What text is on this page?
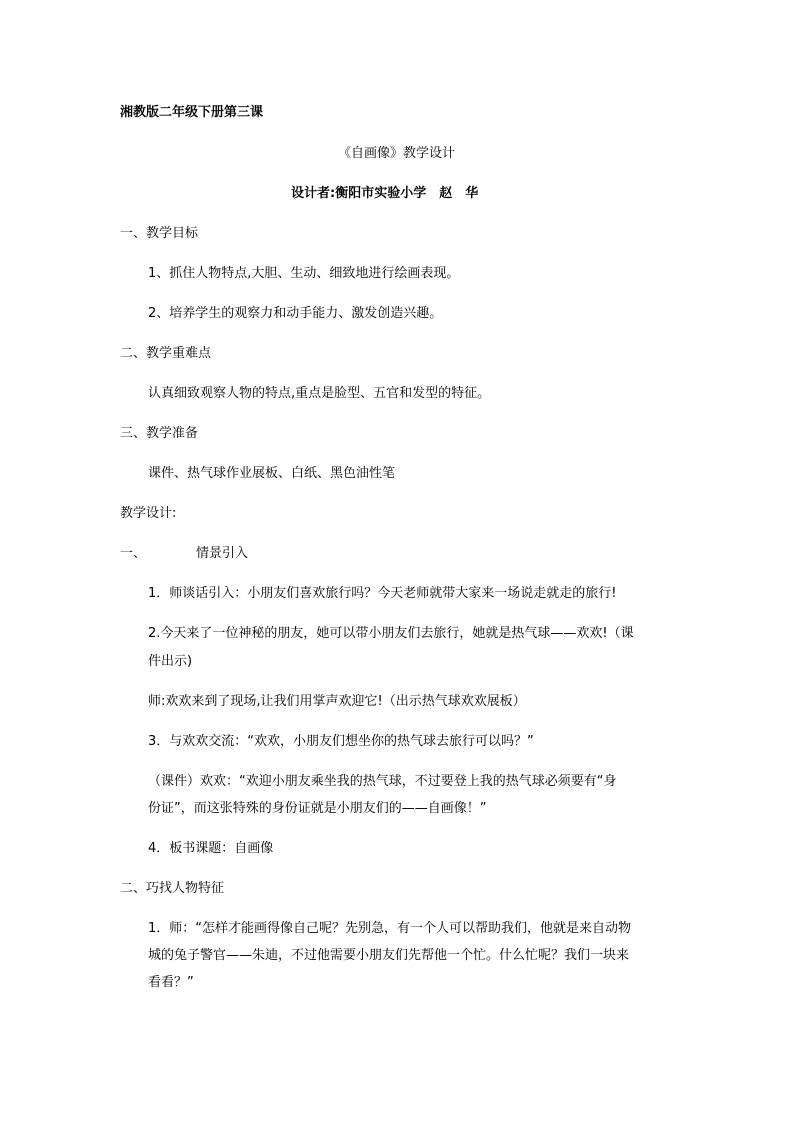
湘教版二年级下册第三课
《自画像》教学设计
设计者:衡阳市实验小学　赵　华
一、教学目标
1、抓住人物特点,大胆、生动、细致地进行绘画表现。
2、培养学生的观察力和动手能力、激发创造兴趣。
二、教学重难点
认真细致观察人物的特点,重点是脸型、五官和发型的特征。
三、教学准备
课件、热气球作业展板、白纸、黑色油性笔
教学设计:
一、	情景引入
1．师谈话引入：小朋友们喜欢旅行吗？今天老师就带大家来一场说走就走的旅行!
2.今天来了一位神秘的朋友，她可以带小朋友们去旅行，她就是热气球——欢欢!（课
件出示)
师:欢欢来到了现场,让我们用掌声欢迎它!（出示热气球欢欢展板）
3．与欢欢交流：“欢欢，小朋友们想坐你的热气球去旅行可以吗？”
（课件）欢欢：“欢迎小朋友乘坐我的热气球，不过要登上我的热气球必须要有“身
份证”，而这张特殊的身份证就是小朋友们的——自画像！”
4．板书课题：自画像
二、巧找人物特征
1．师：“怎样才能画得像自己呢？先别急，有一个人可以帮助我们，他就是来自动物
城的兔子警官——朱迪，不过他需要小朋友们先帮他一个忙。什么忙呢？我们一块来
看看？”
